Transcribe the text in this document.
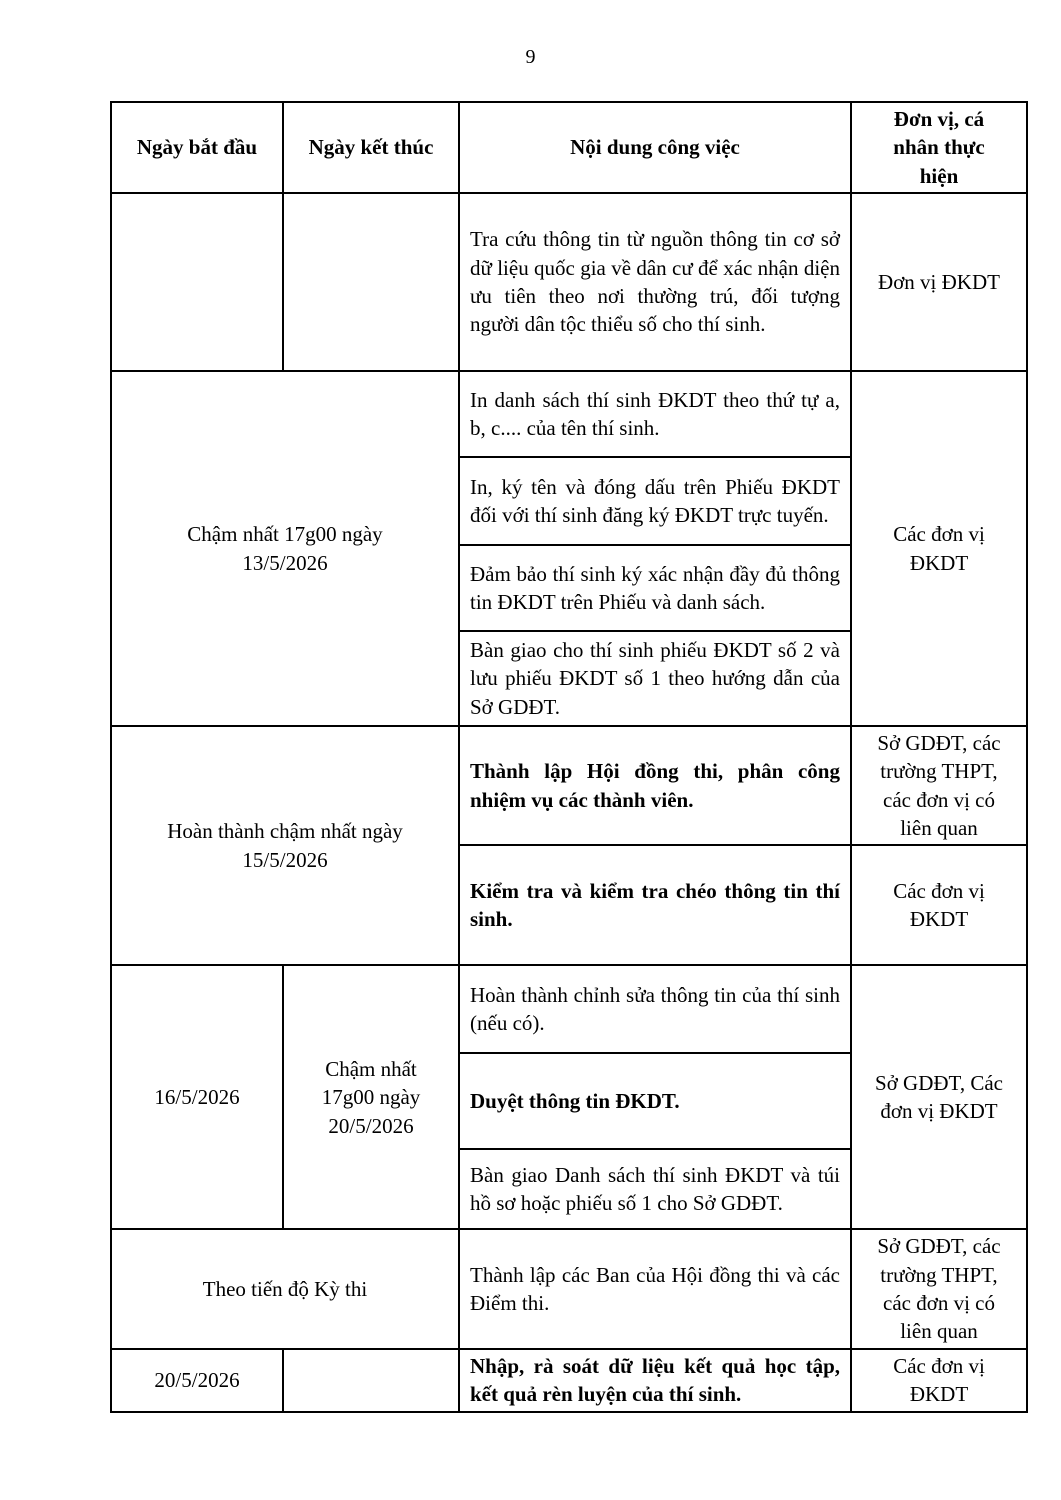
9
Ngày bắt đầu	Ngày kết thúc	Nội dung công việc	Đơn vị, cá nhân thực hiện

		Tra cứu thông tin từ nguồn thông tin cơ sở dữ liệu quốc gia về dân cư để xác nhận diện ưu tiên theo nơi thường trú, đối tượng người dân tộc thiểu số cho thí sinh.	Đơn vị ĐKDT

Chậm nhất 17g00 ngày 13/5/2026		In danh sách thí sinh ĐKDT theo thứ tự a, b, c.... của tên thí sinh.	Các đơn vị ĐKDT

		In, ký tên và đóng dấu trên Phiếu ĐKDT đối với thí sinh đăng ký ĐKDT trực tuyến.	
		Đảm bảo thí sinh ký xác nhận đầy đủ thông tin ĐKDT trên Phiếu và danh sách.	
		Bàn giao cho thí sinh phiếu ĐKDT số 2 và lưu phiếu ĐKDT số 1 theo hướng dẫn của Sở GDĐT.	

Hoàn thành chậm nhất ngày 15/5/2026		Thành lập Hội đồng thi, phân công nhiệm vụ các thành viên.	Sở GDĐT, các trường THPT, các đơn vị có liên quan

		Kiểm tra và kiểm tra chéo thông tin thí sinh.	Các đơn vị ĐKDT

16/5/2026	Chậm nhất 17g00 ngày 20/5/2026	Hoàn thành chỉnh sửa thông tin của thí sinh (nếu có).	Sở GDĐT, Các đơn vị ĐKDT

		Duyệt thông tin ĐKDT.	
		Bàn giao Danh sách thí sinh ĐKDT và túi hồ sơ hoặc phiếu số 1 cho Sở GDĐT.	
Theo tiến độ Kỳ thi		Thành lập các Ban của Hội đồng thi và các Điểm thi.	Sở GDĐT, các trường THPT, các đơn vị có liên quan

20/5/2026		Nhập, rà soát dữ liệu kết quả học tập, kết quả rèn luyện của thí sinh.	Các đơn vị ĐKDT
